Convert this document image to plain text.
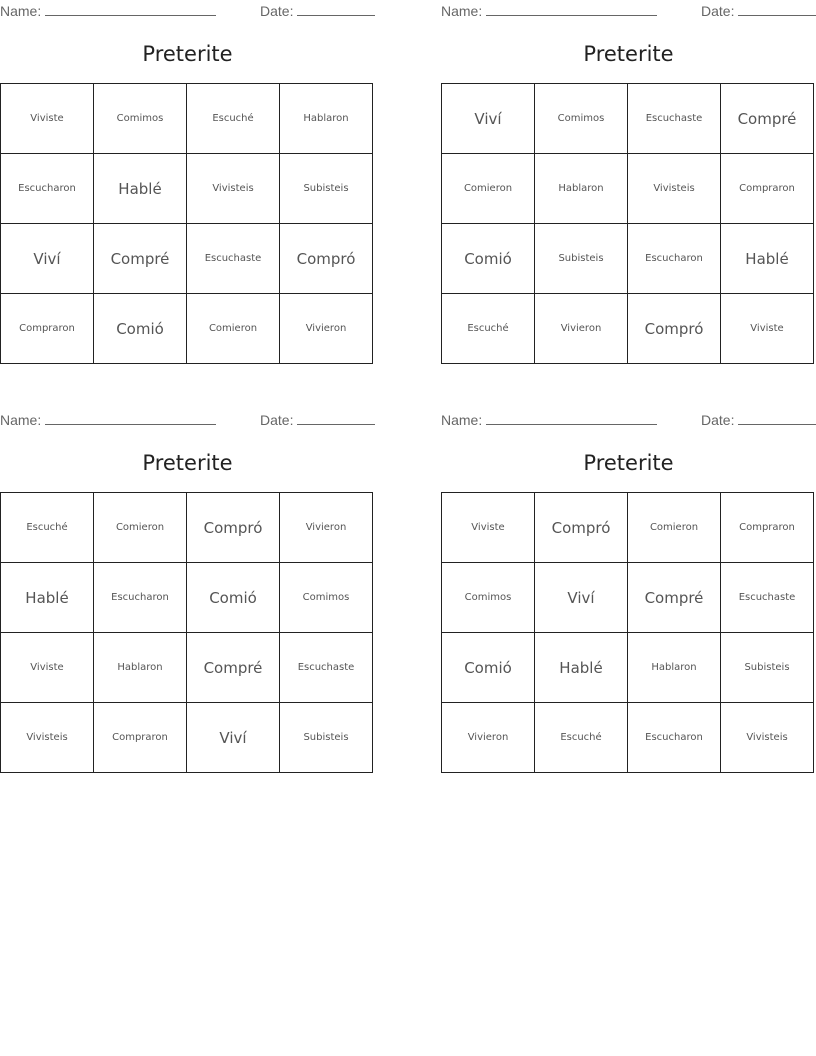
Name:	Date:
Preterite
Viviste	Comimos	Escuché	Hablaron
Escucharon	Hablé	Vivisteis	Subisteis
Viví	Compré	Escuchaste	Compró
Compraron	Comió	Comieron	Vivieron
Name:	Date:
Preterite
Viví	Comimos	Escuchaste	Compré
Comieron	Hablaron	Vivisteis	Compraron
Comió	Subisteis	Escucharon	Hablé
Escuché	Vivieron	Compró	Viviste
Name:	Date:
Preterite
Escuché	Comieron	Compró	Vivieron
Hablé	Escucharon	Comió	Comimos
Viviste	Hablaron	Compré	Escuchaste
Vivisteis	Compraron	Viví	Subisteis
Name:	Date:
Preterite
Viviste	Compró	Comieron	Compraron
Comimos	Viví	Compré	Escuchaste
Comió	Hablé	Hablaron	Subisteis
Vivieron	Escuché	Escucharon	Vivisteis
